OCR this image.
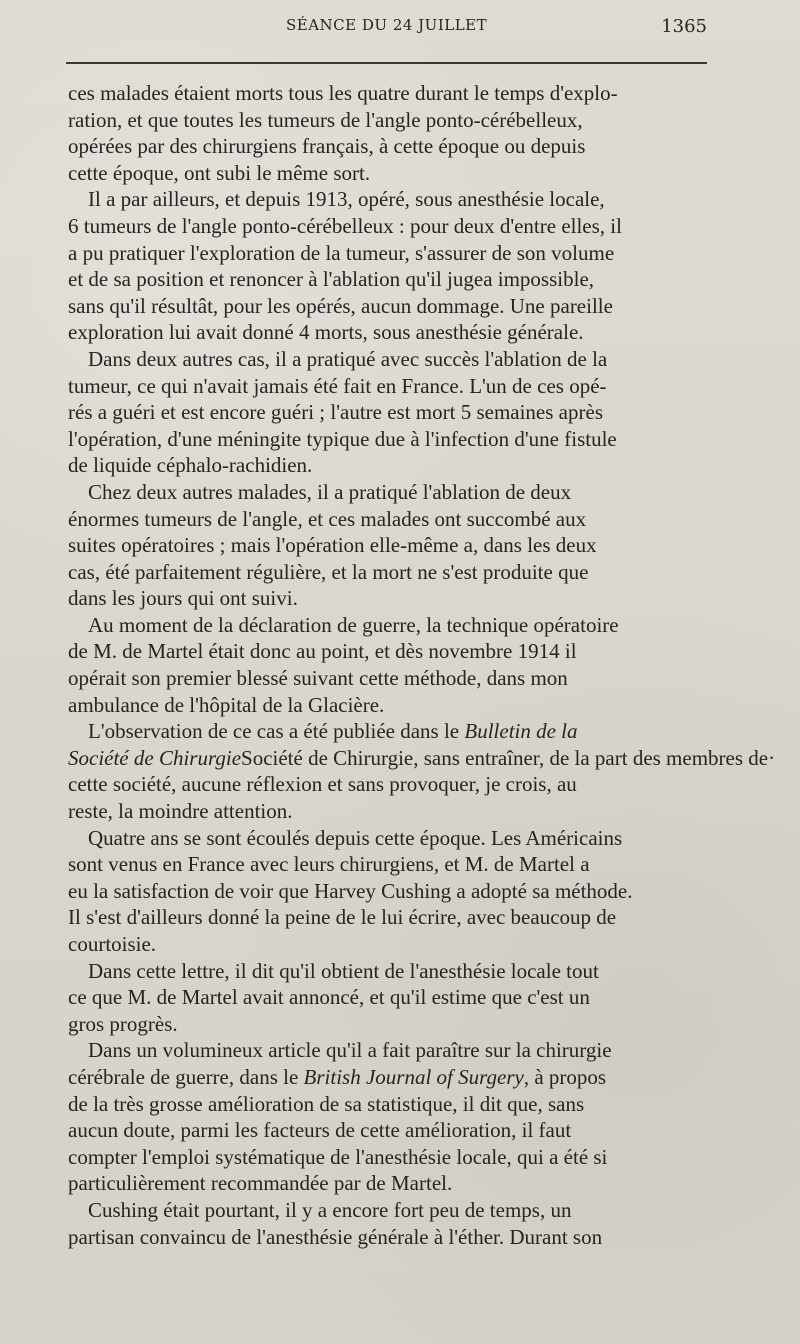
SÉANCE DU 24 JUILLET	1365
ces malades étaient morts tous les quatre durant le temps d'explo-
ration, et que toutes les tumeurs de l'angle ponto-cérébelleux,
opérées par des chirurgiens français, à cette époque ou depuis
cette époque, ont subi le même sort.
Il a par ailleurs, et depuis 1913, opéré, sous anesthésie locale,
6 tumeurs de l'angle ponto-cérébelleux : pour deux d'entre elles, il
a pu pratiquer l'exploration de la tumeur, s'assurer de son volume
et de sa position et renoncer à l'ablation qu'il jugea impossible,
sans qu'il résultât, pour les opérés, aucun dommage. Une pareille
exploration lui avait donné 4 morts, sous anesthésie générale.
Dans deux autres cas, il a pratiqué avec succès l'ablation de la
tumeur, ce qui n'avait jamais été fait en France. L'un de ces opé-
rés a guéri et est encore guéri ; l'autre est mort 5 semaines après
l'opération, d'une méningite typique due à l'infection d'une fistule
de liquide céphalo-rachidien.
Chez deux autres malades, il a pratiqué l'ablation de deux
énormes tumeurs de l'angle, et ces malades ont succombé aux
suites opératoires ; mais l'opération elle-même a, dans les deux
cas, été parfaitement régulière, et la mort ne s'est produite que
dans les jours qui ont suivi.
Au moment de la déclaration de guerre, la technique opératoire
de M. de Martel était donc au point, et dès novembre 1914 il
opérait son premier blessé suivant cette méthode, dans mon
ambulance de l'hôpital de la Glacière.
L'observation de ce cas a été publiée dans le Bulletin de la
Société de ChirurgieSociété de Chirurgie, sans entraîner, de la part des membres de·
cette société, aucune réflexion et sans provoquer, je crois, au
reste, la moindre attention.
Quatre ans se sont écoulés depuis cette époque. Les Américains
sont venus en France avec leurs chirurgiens, et M. de Martel a
eu la satisfaction de voir que Harvey Cushing a adopté sa méthode.
Il s'est d'ailleurs donné la peine de le lui écrire, avec beaucoup de
courtoisie.
Dans cette lettre, il dit qu'il obtient de l'anesthésie locale tout
ce que M. de Martel avait annoncé, et qu'il estime que c'est un
gros progrès.
Dans un volumineux article qu'il a fait paraître sur la chirurgie
cérébrale de guerre, dans le British Journal of Surgery, à propos
de la très grosse amélioration de sa statistique, il dit que, sans
aucun doute, parmi les facteurs de cette amélioration, il faut
compter l'emploi systématique de l'anesthésie locale, qui a été si
particulièrement recommandée par de Martel.
Cushing était pourtant, il y a encore fort peu de temps, un
partisan convaincu de l'anesthésie générale à l'éther. Durant son
